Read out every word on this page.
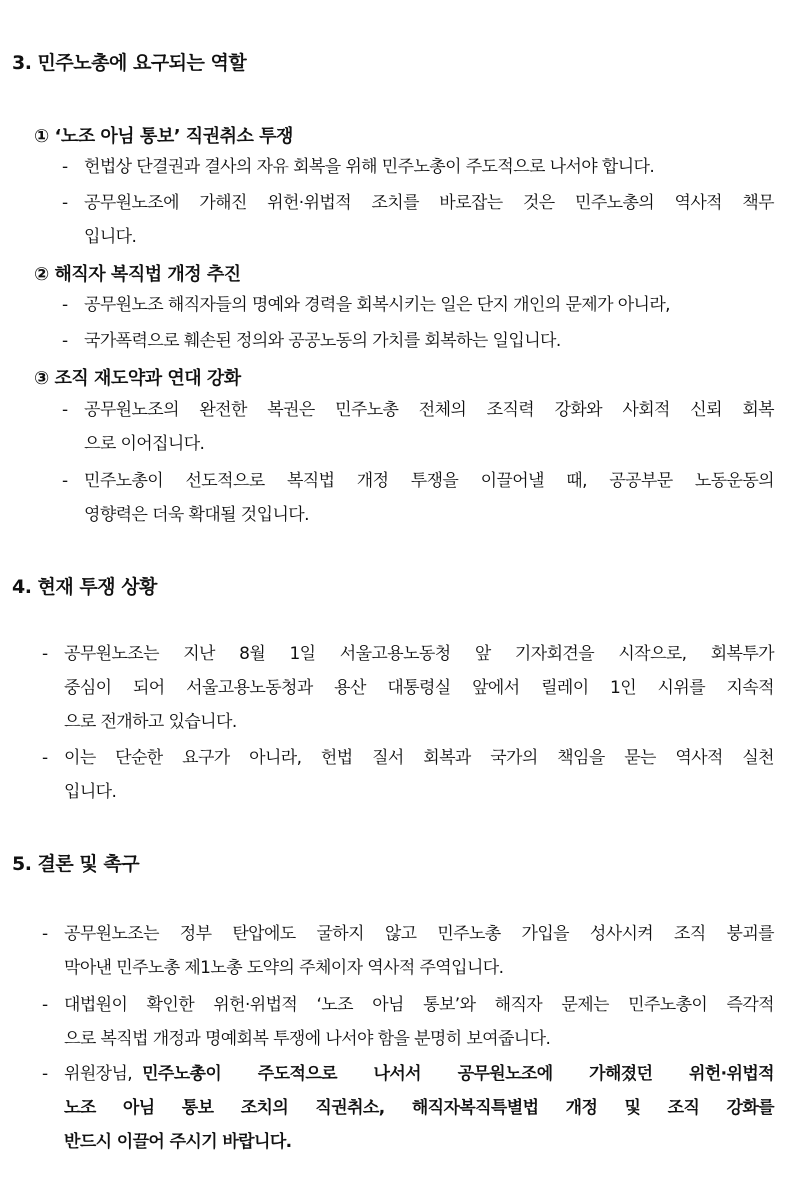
3. 민주노총에 요구되는 역할
① ‘노조 아님 통보’ 직권취소 투쟁
- 헌법상 단결권과 결사의 자유 회복을 위해 민주노총이 주도적으로 나서야 합니다.
- 공무원노조에 가해진 위헌·위법적 조치를 바로잡는 것은 민주노총의 역사적 책무
입니다.
② 해직자 복직법 개정 추진
- 공무원노조 해직자들의 명예와 경력을 회복시키는 일은 단지 개인의 문제가 아니라,
- 국가폭력으로 훼손된 정의와 공공노동의 가치를 회복하는 일입니다.
③ 조직 재도약과 연대 강화
- 공무원노조의 완전한 복권은 민주노총 전체의 조직력 강화와 사회적 신뢰 회복
으로 이어집니다.
- 민주노총이 선도적으로 복직법 개정 투쟁을 이끌어낼 때, 공공부문 노동운동의
영향력은 더욱 확대될 것입니다.
4. 현재 투쟁 상황
- 공무원노조는 지난 8월 1일 서울고용노동청 앞 기자회견을 시작으로, 회복투가
중심이 되어 서울고용노동청과 용산 대통령실 앞에서 릴레이 1인 시위를 지속적
으로 전개하고 있습니다.
- 이는 단순한 요구가 아니라, 헌법 질서 회복과 국가의 책임을 묻는 역사적 실천
입니다.
5. 결론 및 촉구
- 공무원노조는 정부 탄압에도 굴하지 않고 민주노총 가입을 성사시켜 조직 붕괴를
막아낸 민주노총 제1노총 도약의 주체이자 역사적 주역입니다.
- 대법원이 확인한 위헌·위법적 ‘노조 아님 통보’와 해직자 문제는 민주노총이 즉각적
으로 복직법 개정과 명예회복 투쟁에 나서야 함을 분명히 보여줍니다.
- 위원장님, 민주노총이 주도적으로 나서서 공무원노조에 가해졌던 위헌·위법적
노조 아님 통보 조치의 직권취소, 해직자복직특별법 개정 및 조직 강화를
반드시 이끌어 주시기 바랍니다.
